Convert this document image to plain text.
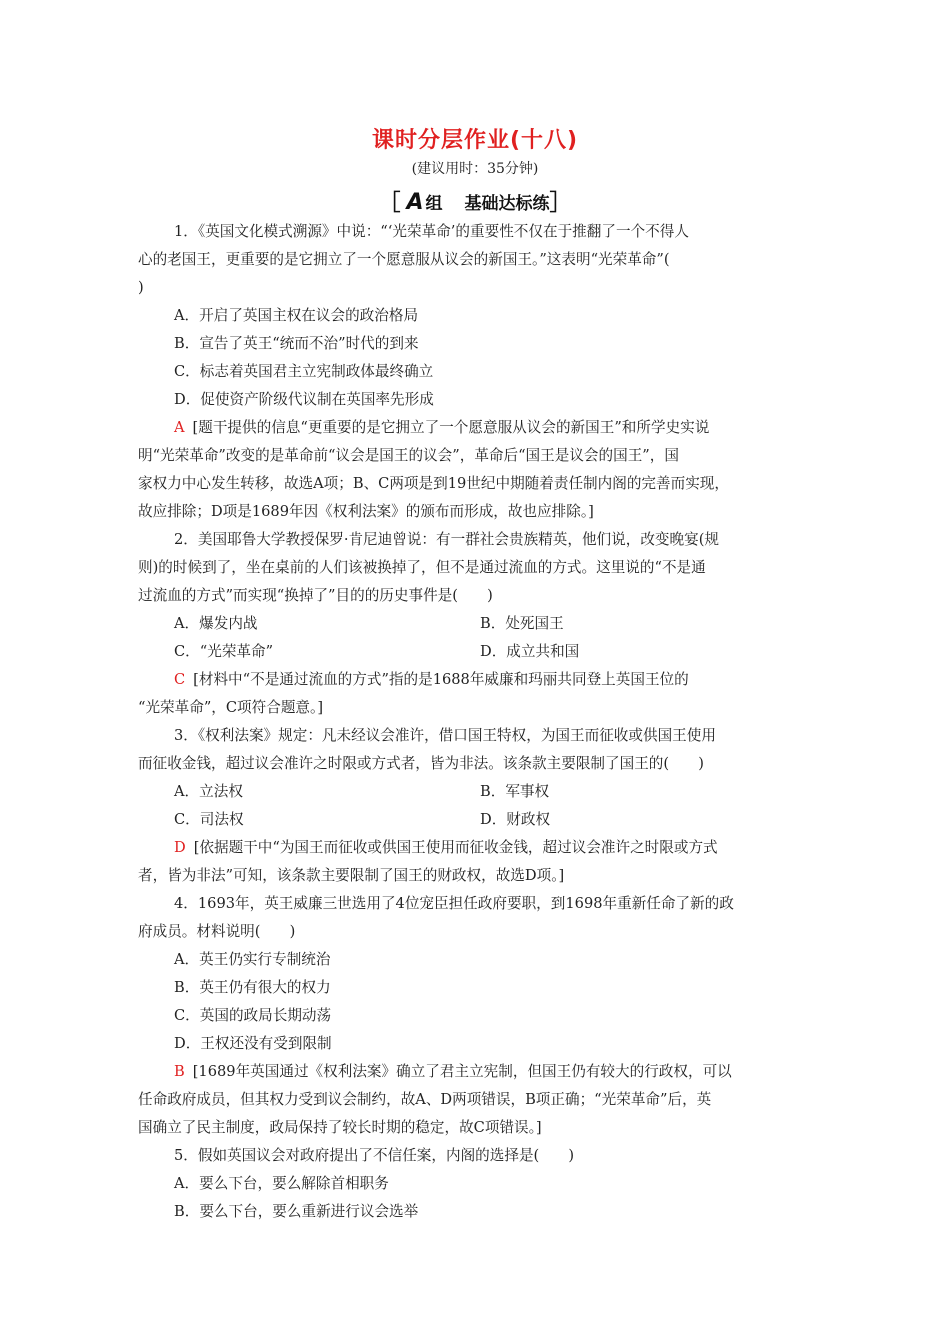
课时分层作业(十八)
(建议用时：35分钟)
［ A 组 基础达标练］
1．《英国文化模式溯源》中说：“‘光荣革命’的重要性不仅在于推翻了一个不得人
心的老国王，更重要的是它拥立了一个愿意服从议会的新国王。”这表明“光荣革命”(
)
A．开启了英国主权在议会的政治格局
B．宣告了英王“统而不治”时代的到来
C．标志着英国君主立宪制政体最终确立
D．促使资产阶级代议制在英国率先形成
A [题干提供的信息“更重要的是它拥立了一个愿意服从议会的新国王”和所学史实说
明“光荣革命”改变的是革命前“议会是国王的议会”，革命后“国王是议会的国王”，国
家权力中心发生转移，故选A项；B、C两项是到19世纪中期随着责任制内阁的完善而实现，
故应排除；D项是1689年因《权利法案》的颁布而形成，故也应排除。]
2．美国耶鲁大学教授保罗·肯尼迪曾说：有一群社会贵族精英，他们说，改变晚宴(规
则)的时候到了，坐在桌前的人们该被换掉了，但不是通过流血的方式。这里说的“不是通
过流血的方式”而实现“换掉了”目的的历史事件是(　　)
A．爆发内战	B．处死国王
C．“光荣革命”	D．成立共和国
C [材料中“不是通过流血的方式”指的是1688年威廉和玛丽共同登上英国王位的
“光荣革命”，C项符合题意。]
3．《权利法案》规定：凡未经议会准许，借口国王特权，为国王而征收或供国王使用
而征收金钱，超过议会准许之时限或方式者，皆为非法。该条款主要限制了国王的(　　)
A．立法权	B．军事权
C．司法权	D．财政权
D [依据题干中“为国王而征收或供国王使用而征收金钱，超过议会准许之时限或方式
者，皆为非法”可知，该条款主要限制了国王的财政权，故选D项。]
4．1693年，英王威廉三世选用了4位宠臣担任政府要职，到1698年重新任命了新的政
府成员。材料说明(　　)
A．英王仍实行专制统治
B．英王仍有很大的权力
C．英国的政局长期动荡
D．王权还没有受到限制
B [1689年英国通过《权利法案》确立了君主立宪制，但国王仍有较大的行政权，可以
任命政府成员，但其权力受到议会制约，故A、D两项错误，B项正确；“光荣革命”后，英
国确立了民主制度，政局保持了较长时期的稳定，故C项错误。]
5．假如英国议会对政府提出了不信任案，内阁的选择是(　　)
A．要么下台，要么解除首相职务
B．要么下台，要么重新进行议会选举
